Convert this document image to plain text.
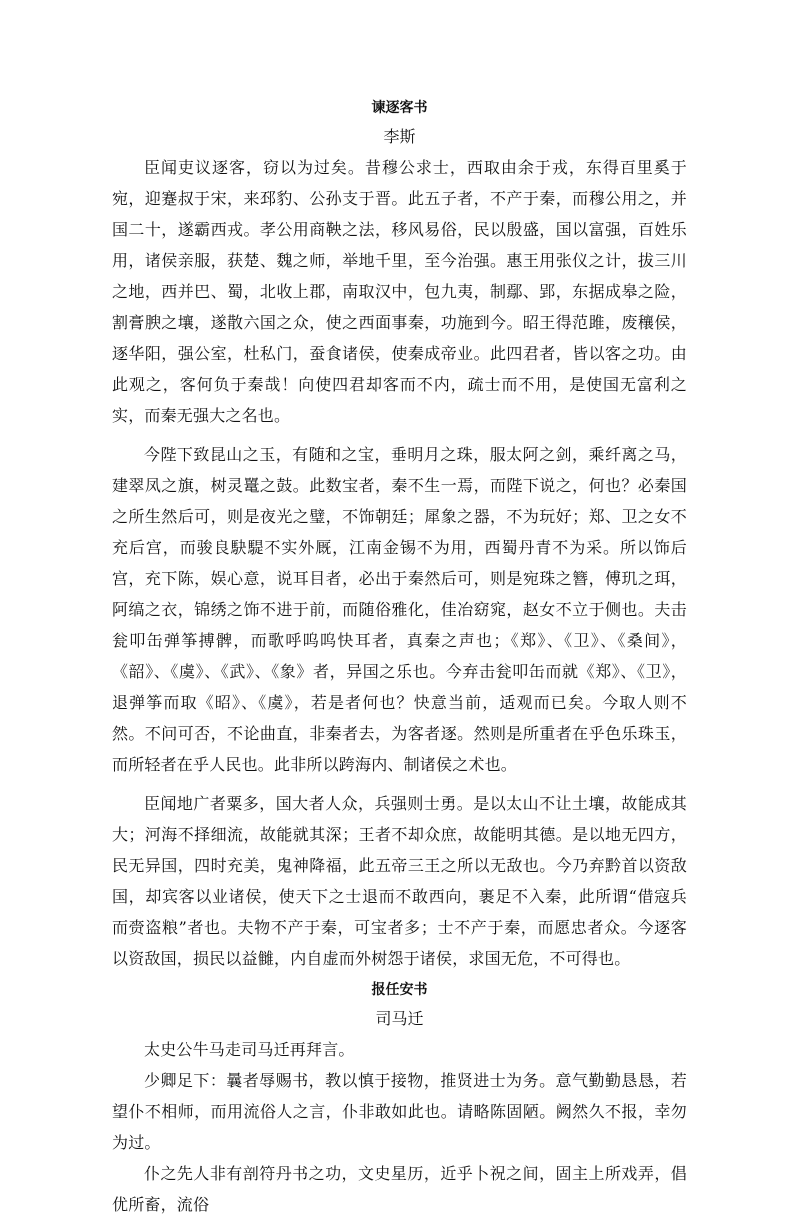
谏逐客书
李斯

臣闻吏议逐客，窃以为过矣。昔穆公求士，西取由余于戎，东得百里奚于宛，迎蹇叔于宋，来邳豹、公孙支于晋。此五子者，不产于秦，而穆公用之，并国二十，遂霸西戎。孝公用商鞅之法，移风易俗，民以殷盛，国以富强，百姓乐用，诸侯亲服，获楚、魏之师，举地千里，至今治强。惠王用张仪之计，拔三川之地，西并巴、蜀，北收上郡，南取汉中，包九夷，制鄢、郢，东据成皋之险，割膏腴之壤，遂散六国之众，使之西面事秦，功施到今。昭王得范雎，废穰侯，逐华阳，强公室，杜私门，蚕食诸侯，使秦成帝业。此四君者，皆以客之功。由此观之，客何负于秦哉！向使四君却客而不内，疏士而不用，是使国无富利之实，而秦无强大之名也。

今陛下致昆山之玉，有随和之宝，垂明月之珠，服太阿之剑，乘纤离之马，建翠凤之旗，树灵鼍之鼓。此数宝者，秦不生一焉，而陛下说之，何也？必秦国之所生然后可，则是夜光之璧，不饰朝廷；犀象之器，不为玩好；郑、卫之女不充后宫，而骏良駃騠不实外厩，江南金锡不为用，西蜀丹青不为采。所以饰后宫，充下陈，娱心意，说耳目者，必出于秦然后可，则是宛珠之簪，傅玑之珥，阿缟之衣，锦绣之饰不进于前，而随俗雅化，佳冶窈窕，赵女不立于侧也。夫击瓮叩缶弹筝搏髀，而歌呼呜呜快耳者，真秦之声也；《郑》、《卫》、《桑间》，《韶》、《虞》、《武》、《象》者，异国之乐也。今弃击瓮叩缶而就《郑》、《卫》，退弹筝而取《昭》、《虞》，若是者何也？快意当前，适观而已矣。今取人则不然。不问可否，不论曲直，非秦者去，为客者逐。然则是所重者在乎色乐珠玉，而所轻者在乎人民也。此非所以跨海内、制诸侯之术也。

臣闻地广者粟多，国大者人众，兵强则士勇。是以太山不让土壤，故能成其大；河海不择细流，故能就其深；王者不却众庶，故能明其德。是以地无四方，民无异国，四时充美，鬼神降福，此五帝三王之所以无敌也。今乃弃黔首以资敌国，却宾客以业诸侯，使天下之士退而不敢西向，裹足不入秦，此所谓“借寇兵而赍盗粮”者也。夫物不产于秦，可宝者多；士不产于秦，而愿忠者众。今逐客以资敌国，损民以益雠，内自虚而外树怨于诸侯，求国无危，不可得也。

报任安书
司马迁

太史公牛马走司马迁再拜言。

少卿足下：曩者辱赐书，教以慎于接物，推贤进士为务。意气勤勤恳恳，若望仆不相师，而用流俗人之言，仆非敢如此也。请略陈固陋。阙然久不报，幸勿为过。

仆之先人非有剖符丹书之功，文史星历，近乎卜祝之间，固主上所戏弄，倡优所畜，流俗
